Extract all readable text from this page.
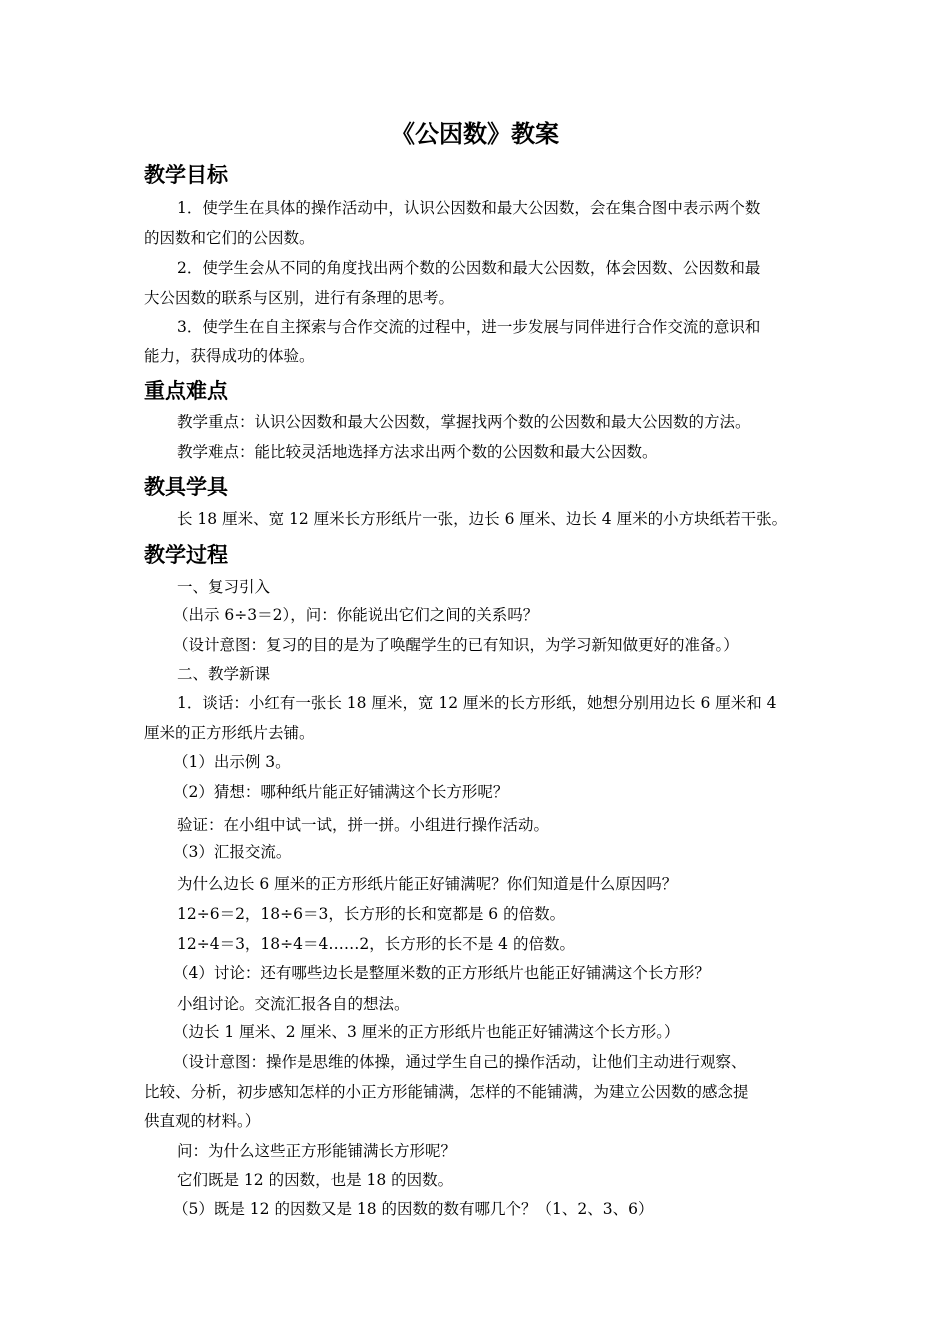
《公因数》教案
教学目标
1．使学生在具体的操作活动中，认识公因数和最大公因数，会在集合图中表示两个数
的因数和它们的公因数。
2．使学生会从不同的角度找出两个数的公因数和最大公因数，体会因数、公因数和最
大公因数的联系与区别，进行有条理的思考。
3．使学生在自主探索与合作交流的过程中，进一步发展与同伴进行合作交流的意识和
能力，获得成功的体验。
重点难点
教学重点：认识公因数和最大公因数，掌握找两个数的公因数和最大公因数的方法。
教学难点：能比较灵活地选择方法求出两个数的公因数和最大公因数。
教具学具
长 18 厘米、宽 12 厘米长方形纸片一张，边长 6 厘米、边长 4 厘米的小方块纸若干张。
教学过程
一、复习引入
（出示 6÷3＝2），问：你能说出它们之间的关系吗？
（设计意图：复习的目的是为了唤醒学生的已有知识，为学习新知做更好的准备。）
二、教学新课
1．谈话：小红有一张长 18 厘米，宽 12 厘米的长方形纸，她想分别用边长 6 厘米和 4
厘米的正方形纸片去铺。
（1）出示例 3。
（2）猜想：哪种纸片能正好铺满这个长方形呢？
验证：在小组中试一试，拼一拼。小组进行操作活动。
（3）汇报交流。
为什么边长 6 厘米的正方形纸片能正好铺满呢？你们知道是什么原因吗？
12÷6＝2，18÷6＝3，长方形的长和宽都是 6 的倍数。
12÷4＝3，18÷4＝4……2，长方形的长不是 4 的倍数。
（4）讨论：还有哪些边长是整厘米数的正方形纸片也能正好铺满这个长方形？
小组讨论。交流汇报各自的想法。
（边长 1 厘米、2 厘米、3 厘米的正方形纸片也能正好铺满这个长方形。）
（设计意图：操作是思维的体操，通过学生自己的操作活动，让他们主动进行观察、
比较、分析，初步感知怎样的小正方形能铺满，怎样的不能铺满，为建立公因数的感念提
供直观的材料。）
问：为什么这些正方形能铺满长方形呢？
它们既是 12 的因数，也是 18 的因数。
（5）既是 12 的因数又是 18 的因数的数有哪几个？（1、2、3、6）
